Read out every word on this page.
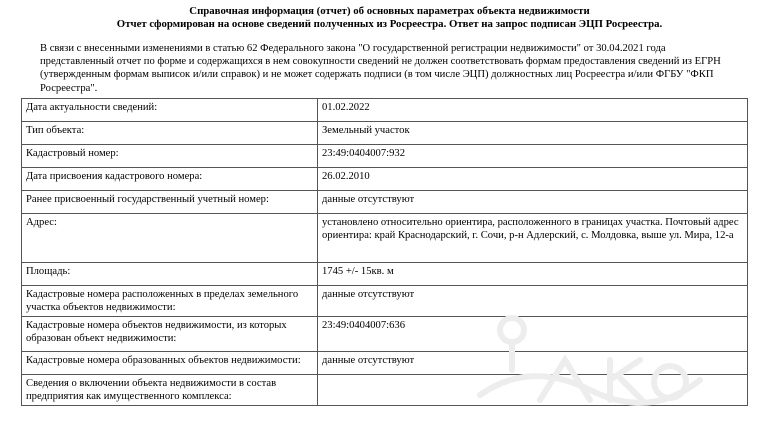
Справочная информация (отчет) об основных параметрах объекта недвижимости
Отчет сформирован на основе сведений полученных из Росреестра. Ответ на запрос подписан ЭЦП Росреестра.
В связи с внесенными изменениями в статью 62 Федерального закона "О государственной регистрации недвижимости" от 30.04.2021 года представленный отчет по форме и содержащихся в нем совокупности сведений не должен соответствовать формам предоставления сведений из ЕГРН (утвержденным формам выписок и/или справок) и не может содержать подписи (в том числе ЭЦП) должностных лиц Росреестра и/или ФГБУ "ФКП Росреестра".
Дата актуальности сведений:	01.02.2022
Тип объекта:	Земельный участок
Кадастровый номер:	23:49:0404007:932
Дата присвоения кадастрового номера:	26.02.2010
Ранее присвоенный государственный учетный номер:	данные отсутствуют
Адрес:	установлено относительно ориентира, расположенного в границах участка. Почтовый адрес ориентира: край Краснодарский, г. Сочи, р-н Адлерский, с. Молдовка, выше ул. Мира, 12-а
Площадь:	1745 +/- 15кв. м
Кадастровые номера расположенных в пределах земельного участка объектов недвижимости:	данные отсутствуют
Кадастровые номера объектов недвижимости, из которых образован объект недвижимости:	23:49:0404007:636
Кадастровые номера образованных объектов недвижимости:	данные отсутствуют
Сведения о включении объекта недвижимости в состав предприятия как имущественного комплекса:	
